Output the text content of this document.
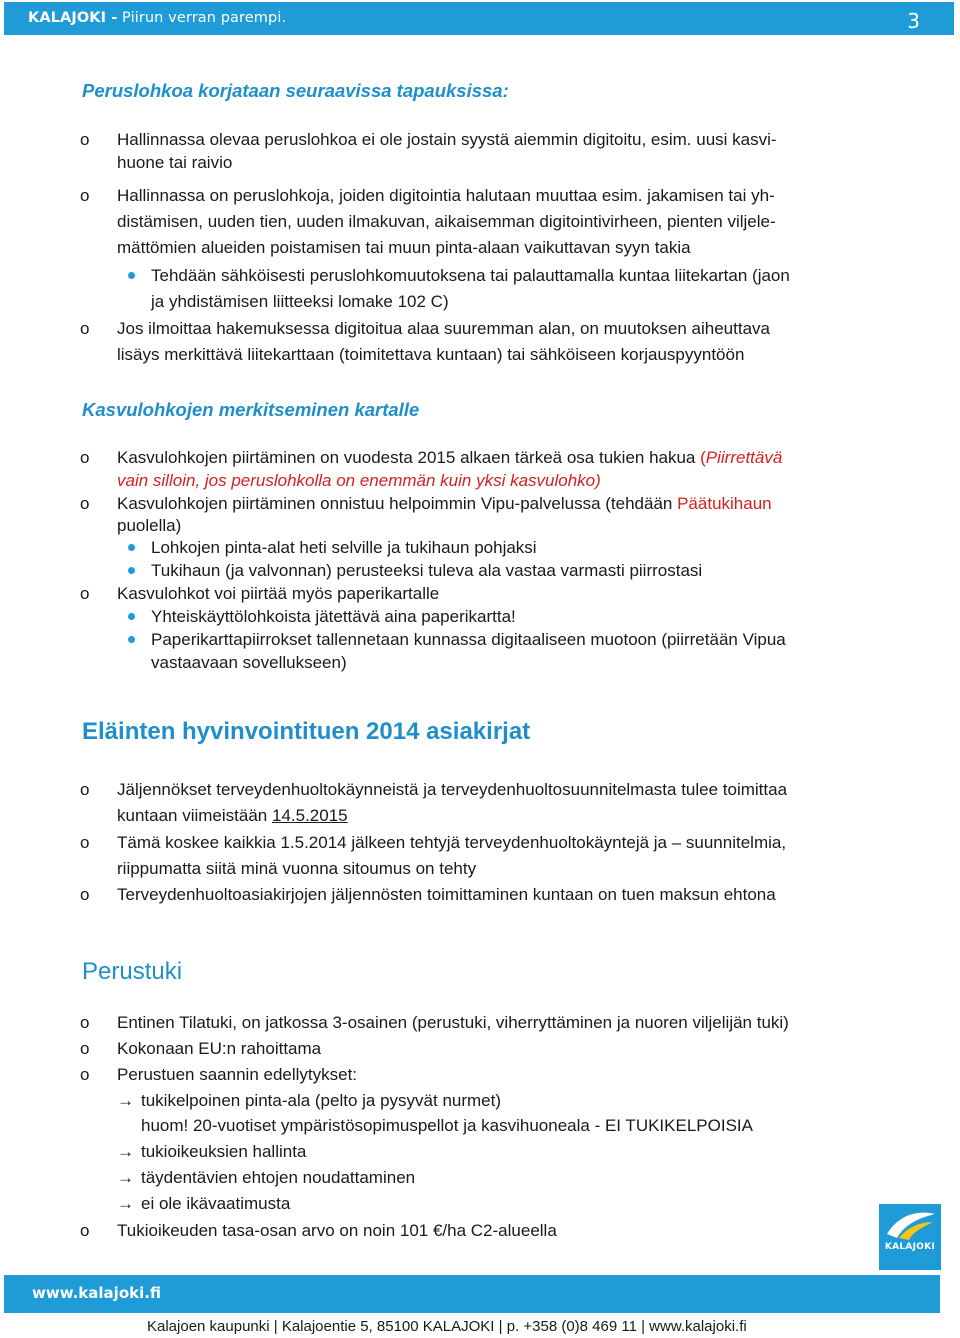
KALAJOKI - Piirun verran parempi.	3
Peruslohkoa korjataan seuraavissa tapauksissa:
o Hallinnassa olevaa peruslohkoa ei ole jostain syystä aiemmin digitoitu, esim. uusi kasvi-
huone tai raivio
o Hallinnassa on peruslohkoja, joiden digitointia halutaan muuttaa esim. jakamisen tai yh-
distämisen, uuden tien, uuden ilmakuvan, aikaisemman digitointivirheen, pienten viljele-
mättömien alueiden poistamisen tai muun pinta-alaan vaikuttavan syyn takia
Tehdään sähköisesti peruslohkomuutoksena tai palauttamalla kuntaa liitekartan (jaon
ja yhdistämisen liitteeksi lomake 102 C)
o Jos ilmoittaa hakemuksessa digitoitua alaa suuremman alan, on muutoksen aiheuttava
lisäys merkittävä liitekarttaan (toimitettava kuntaan) tai sähköiseen korjauspyyntöön
Kasvulohkojen merkitseminen kartalle
o Kasvulohkojen piirtäminen on vuodesta 2015 alkaen tärkeä osa tukien hakua (Piirrettävä
vain silloin, jos peruslohkolla on enemmän kuin yksi kasvulohko)
o Kasvulohkojen piirtäminen onnistuu helpoimmin Vipu-palvelussa (tehdään Päätukihaun
puolella)
Lohkojen pinta-alat heti selville ja tukihaun pohjaksi
Tukihaun (ja valvonnan) perusteeksi tuleva ala vastaa varmasti piirrostasi
o Kasvulohkot voi piirtää myös paperikartalle
Yhteiskäyttölohkoista jätettävä aina paperikartta!
Paperikarttapiirrokset tallennetaan kunnassa digitaaliseen muotoon (piirretään Vipua
vastaavaan sovellukseen)
Eläinten hyvinvointituen 2014 asiakirjat
o Jäljennökset terveydenhuoltokäynneistä ja terveydenhuoltosuunnitelmasta tulee toimittaa
kuntaan viimeistään 14.5.2015
o Tämä koskee kaikkia 1.5.2014 jälkeen tehtyjä terveydenhuoltokäyntejä ja – suunnitelmia,
riippumatta siitä minä vuonna sitoumus on tehty
o Terveydenhuoltoasiakirjojen jäljennösten toimittaminen kuntaan on tuen maksun ehtona
Perustuki
o Entinen Tilatuki, on jatkossa 3-osainen (perustuki, viherryttäminen ja nuoren viljelijän tuki)
o Kokonaan EU:n rahoittama
o Perustuen saannin edellytykset:
→ tukikelpoinen pinta-ala (pelto ja pysyvät nurmet)
huom! 20-vuotiset ympäristösopimuspellot ja kasvihuoneala - EI TUKIKELPOISIA
→ tukioikeuksien hallinta
→ täydentävien ehtojen noudattaminen
→ ei ole ikävaatimusta
o Tukioikeuden tasa-osan arvo on noin 101 €/ha C2-alueella
KALAJOKI
www.kalajoki.fi
Kalajoen kaupunki | Kalajoentie 5, 85100 KALAJOKI | p. +358 (0)8 469 11 | www.kalajoki.fi
